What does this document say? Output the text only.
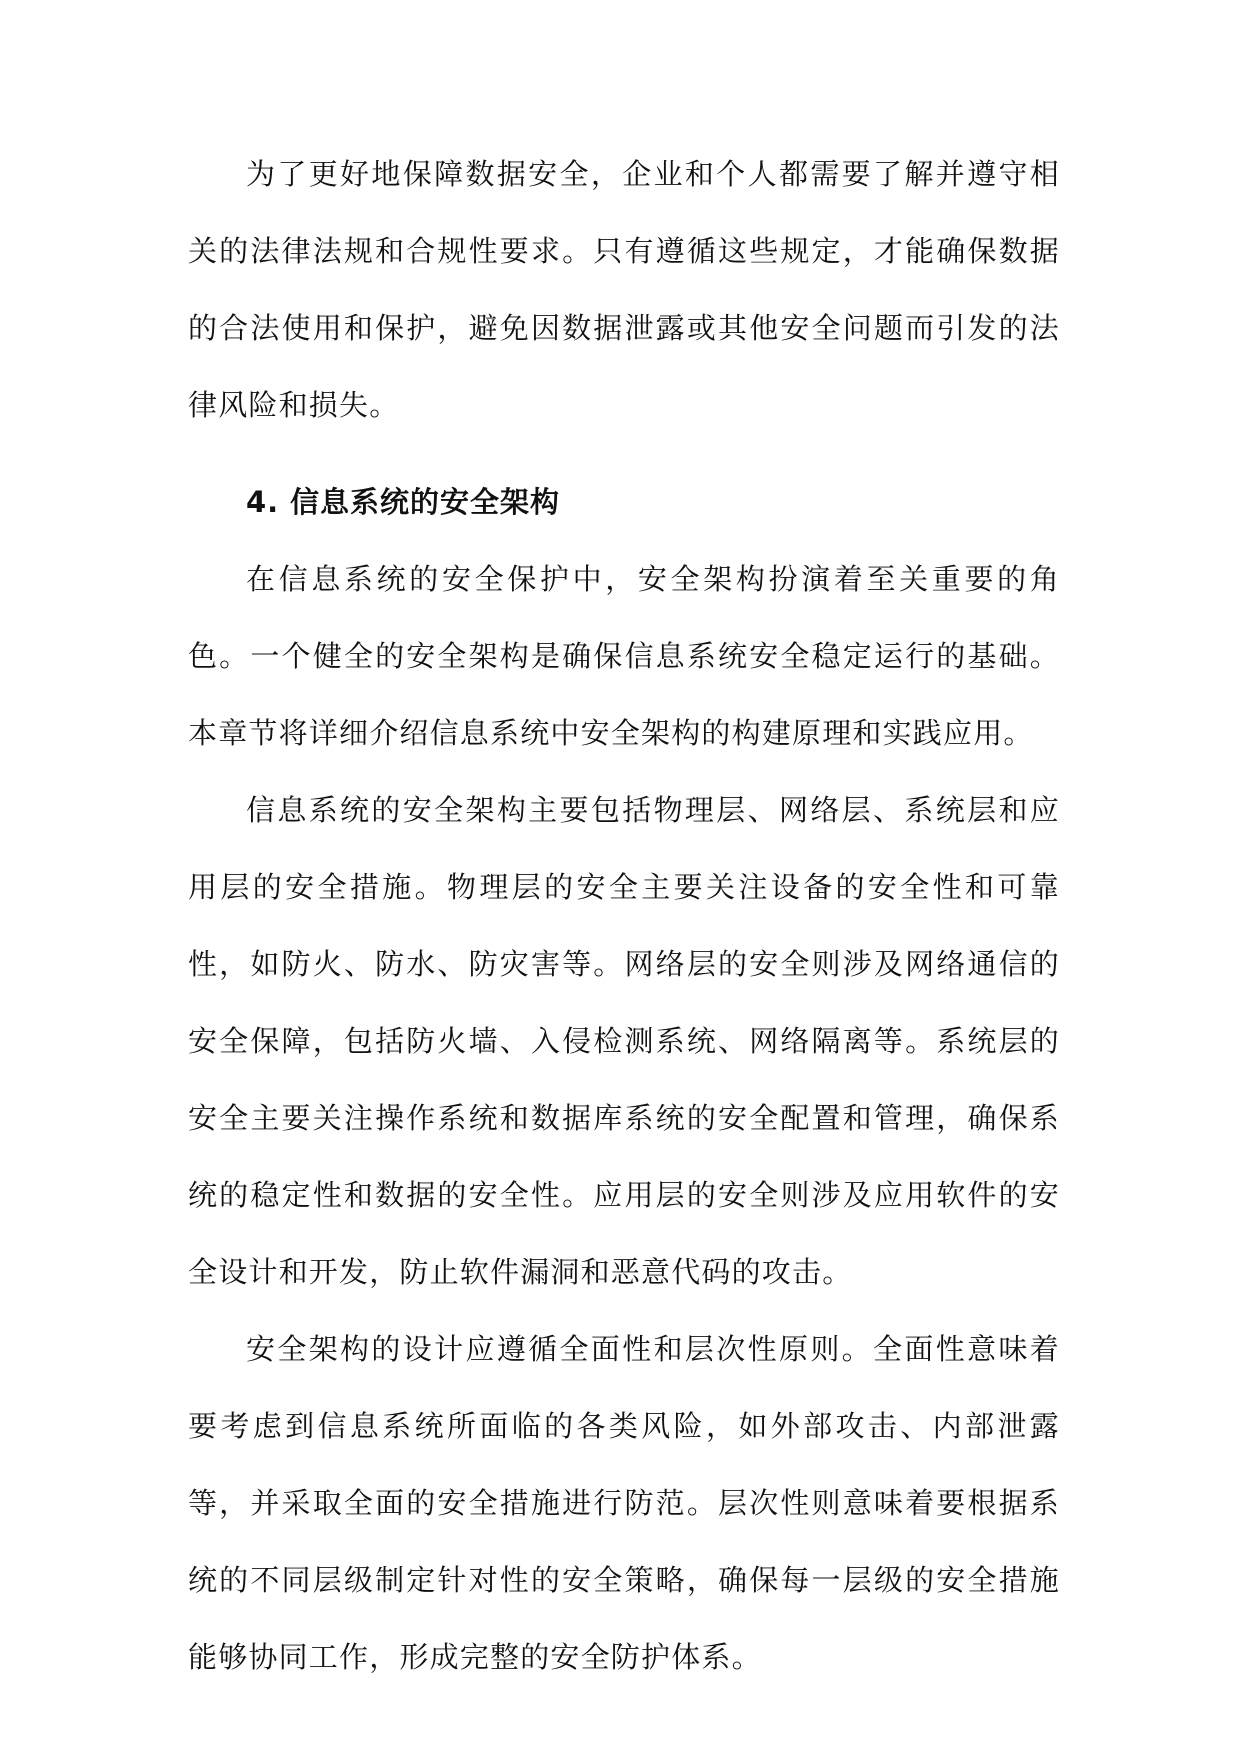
为了更好地保障数据安全，企业和个人都需要了解并遵守相关的法律法规和合规性要求。只有遵循这些规定，才能确保数据的合法使用和保护，避免因数据泄露或其他安全问题而引发的法律风险和损失。

4. 信息系统的安全架构

在信息系统的安全保护中，安全架构扮演着至关重要的角色。一个健全的安全架构是确保信息系统安全稳定运行的基础。本章节将详细介绍信息系统中安全架构的构建原理和实践应用。

信息系统的安全架构主要包括物理层、网络层、系统层和应用层的安全措施。物理层的安全主要关注设备的安全性和可靠性，如防火、防水、防灾害等。网络层的安全则涉及网络通信的安全保障，包括防火墙、入侵检测系统、网络隔离等。系统层的安全主要关注操作系统和数据库系统的安全配置和管理，确保系统的稳定性和数据的安全性。应用层的安全则涉及应用软件的安全设计和开发，防止软件漏洞和恶意代码的攻击。

安全架构的设计应遵循全面性和层次性原则。全面性意味着要考虑到信息系统所面临的各类风险，如外部攻击、内部泄露等，并采取全面的安全措施进行防范。层次性则意味着要根据系统的不同层级制定针对性的安全策略，确保每一层级的安全措施能够协同工作，形成完整的安全防护体系。
